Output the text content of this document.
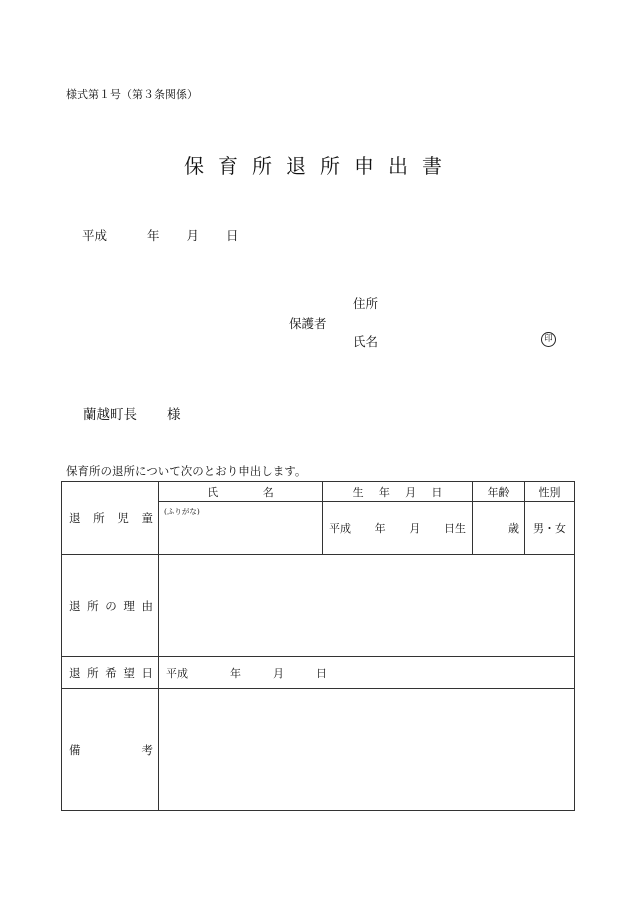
様式第１号（第３条関係）
保育所退所申出書
平成	年 月 日
住所
保護者
氏名	印
蘭越町長 様
保育所の退所について次のとおり申出します。
退 所 児 童	氏 名	生 年 月 日	年齢	性別
	(ふりがな)	平成 年 月 日生	歳	男・女

退 所 の 理 由				

退 所 希 望 日	平成 年 月 日			

備 考				
